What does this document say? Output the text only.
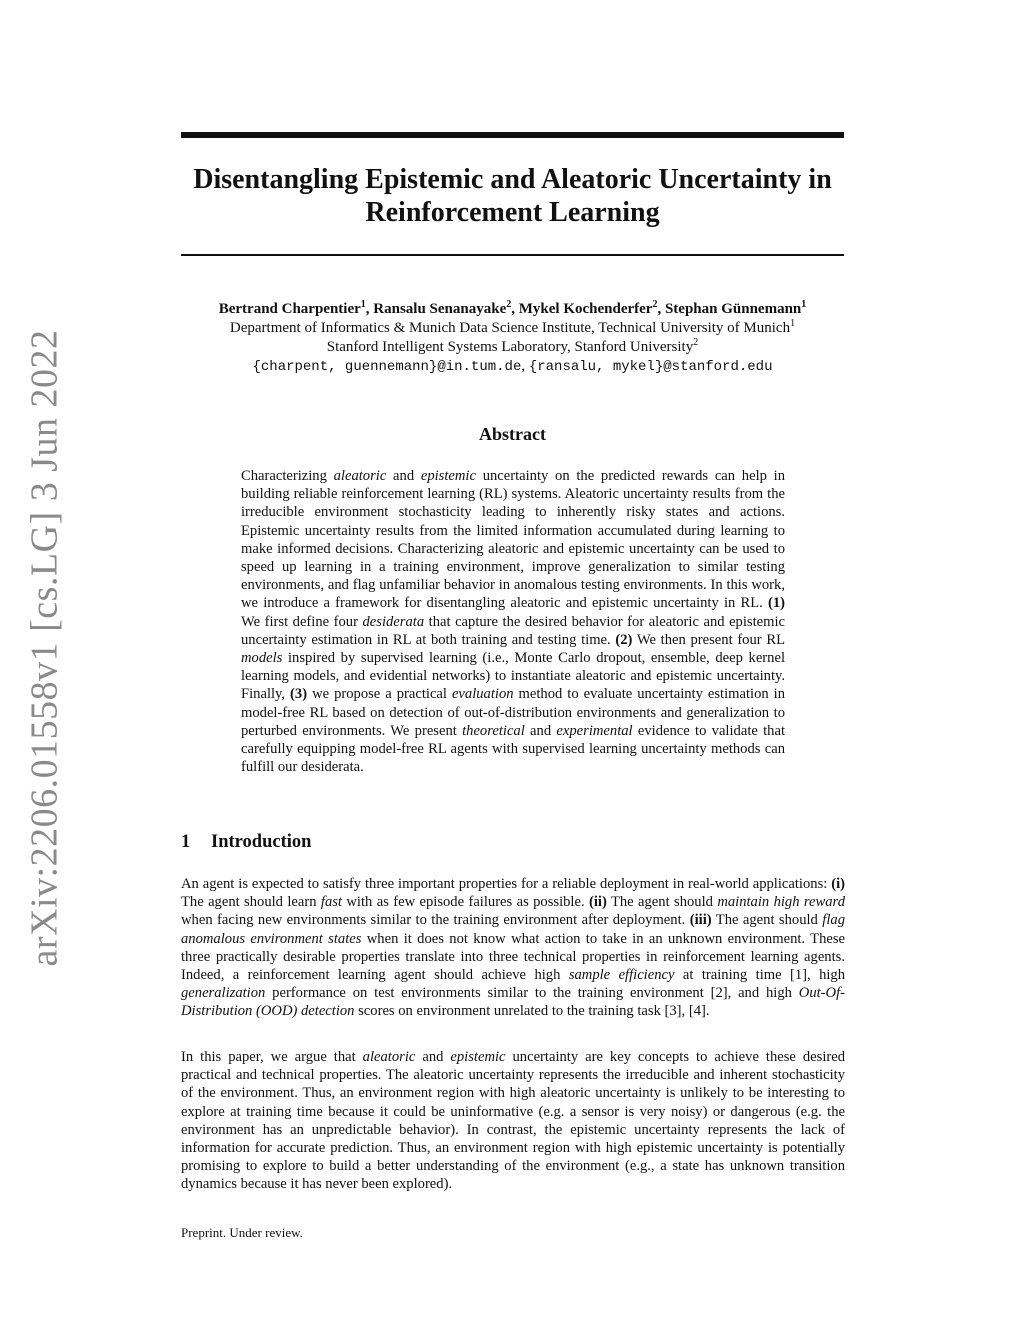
arXiv:2206.01558v1 [cs.LG] 3 Jun 2022
Disentangling Epistemic and Aleatoric Uncertainty in
Reinforcement Learning
Bertrand Charpentier$^1$, Ransalu Senanayake$^2$, Mykel Kochenderfer$^2$, Stephan Günnemann$^1$
Department of Informatics & Munich Data Science Institute, Technical University of Munich$^1$
Stanford Intelligent Systems Laboratory, Stanford University$^2$
{charpent, guennemann}@in.tum.de, {ransalu, mykel}@stanford.edu
Abstract

Characterizing aleatoric and epistemic uncertainty on the predicted rewards can help in building reliable reinforcement learning (RL) systems. Aleatoric uncertainty results from the irreducible environment stochasticity leading to inherently risky states and actions. Epistemic uncertainty results from the limited information accumulated during learning to make informed decisions. Characterizing aleatoric and epistemic uncertainty can be used to speed up learning in a training environment, improve generalization to similar testing environments, and flag unfamiliar behavior in anomalous testing environments. In this work, we introduce a framework for disentangling aleatoric and epistemic uncertainty in RL. (1) We first define four desiderata that capture the desired behavior for aleatoric and epistemic uncertainty estimation in RL at both training and testing time. (2) We then present four RL models inspired by supervised learning (i.e., Monte Carlo dropout, ensemble, deep kernel learning models, and evidential networks) to instantiate aleatoric and epistemic uncertainty. Finally, (3) we propose a practical evaluation method to evaluate uncertainty estimation in model-free RL based on detection of out-of-distribution environments and generalization to perturbed environments. We present theoretical and experimental evidence to validate that carefully equipping model-free RL agents with supervised learning uncertainty methods can fulfill our desiderata.

1 Introduction

An agent is expected to satisfy three important properties for a reliable deployment in real-world applications: (i) The agent should learn fast with as few episode failures as possible. (ii) The agent should maintain high reward when facing new environments similar to the training environment after deployment. (iii) The agent should flag anomalous environment states when it does not know what action to take in an unknown environment. These three practically desirable properties translate into three technical properties in reinforcement learning agents. Indeed, a reinforcement learning agent should achieve high sample efficiency at training time [1], high generalization performance on test environments similar to the training environment [2], and high Out-Of-Distribution (OOD) detection scores on environment unrelated to the training task [3], [4].

In this paper, we argue that aleatoric and epistemic uncertainty are key concepts to achieve these desired practical and technical properties. The aleatoric uncertainty represents the irreducible and inherent stochasticity of the environment. Thus, an environment region with high aleatoric uncertainty is unlikely to be interesting to explore at training time because it could be uninformative (e.g. a sensor is very noisy) or dangerous (e.g. the environment has an unpredictable behavior). In contrast, the epistemic uncertainty represents the lack of information for accurate prediction. Thus, an environment region with high epistemic uncertainty is potentially promising to explore to build a better understanding of the environment (e.g., a state has unknown transition dynamics because it has never been explored).

Preprint. Under review.
